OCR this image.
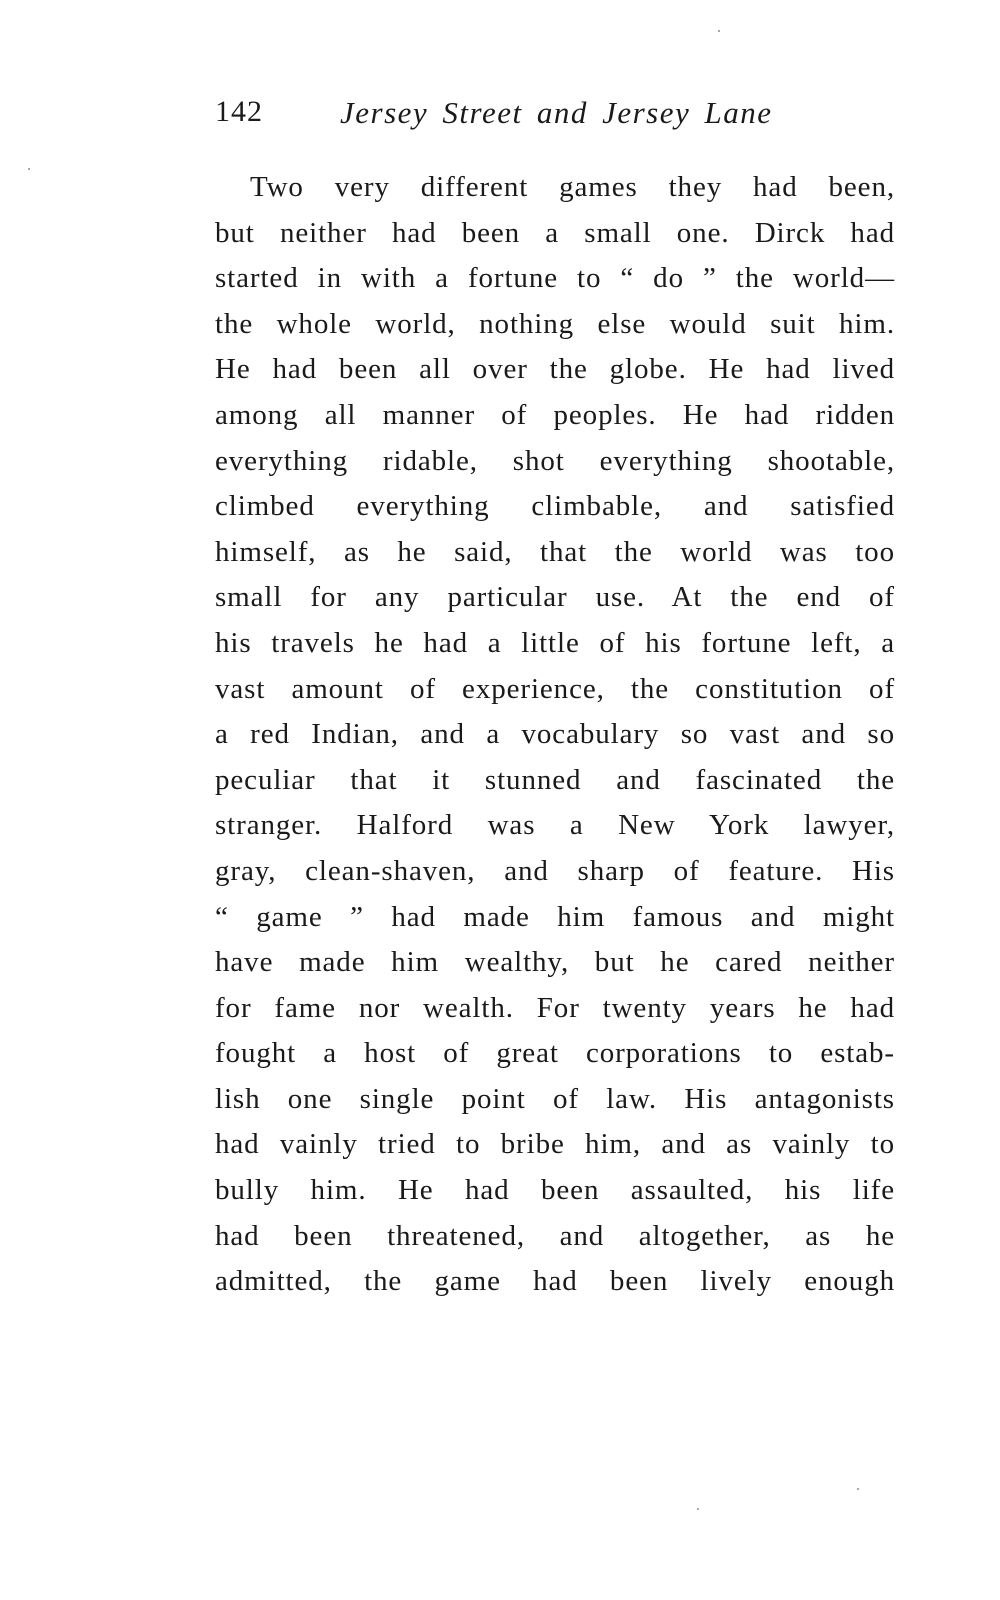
142 Jersey Street and Jersey Lane
Two very different games they had been,
but neither had been a small one. Dirck had
started in with a fortune to “ do ” the world—
the whole world, nothing else would suit him.
He had been all over the globe. He had lived
among all manner of peoples. He had ridden
everything ridable, shot everything shootable,
climbed everything climbable, and satisfied
himself, as he said, that the world was too
small for any particular use. At the end of
his travels he had a little of his fortune left, a
vast amount of experience, the constitution of
a red Indian, and a vocabulary so vast and so
peculiar that it stunned and fascinated the
stranger. Halford was a New York lawyer,
gray, clean-shaven, and sharp of feature. His
“ game ” had made him famous and might
have made him wealthy, but he cared neither
for fame nor wealth. For twenty years he had
fought a host of great corporations to estab-
lish one single point of law. His antagonists
had vainly tried to bribe him, and as vainly to
bully him. He had been assaulted, his life
had been threatened, and altogether, as he
admitted, the game had been lively enough
